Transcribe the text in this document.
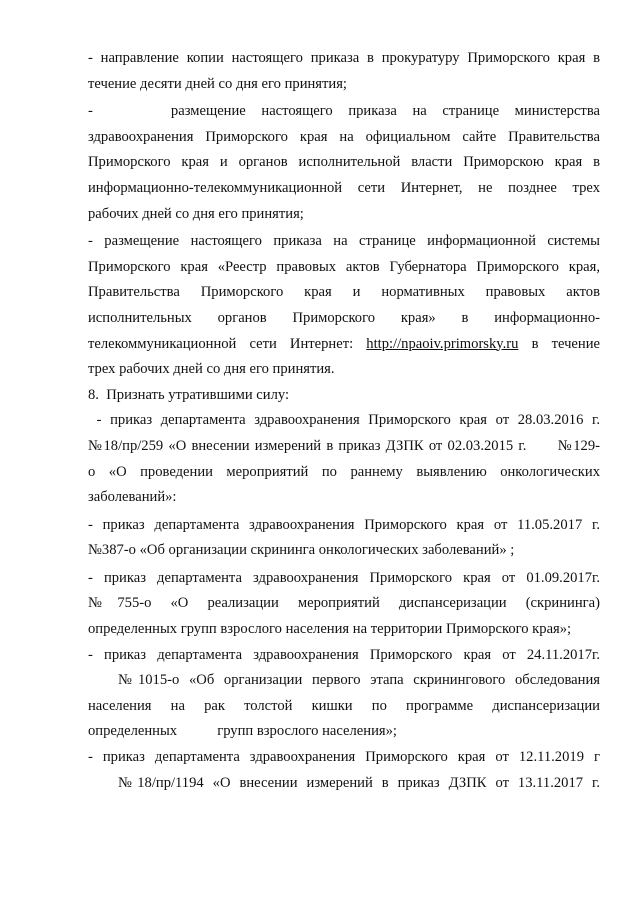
- направление копии настоящего приказа в прокуратуру Приморского края в
течение десяти дней со дня его принятия;
-     размещение настоящего приказа на странице министерства
здравоохранения Приморского края на официальном сайте Правительства
Приморского края и органов исполнительной власти Приморскою края в
информационно-телекоммуникационной сети Интернет, не позднее трех
рабочих дней со дня его принятия;
- размещение настоящего приказа на странице информационной системы
Приморского края «Реестр правовых актов Губернатора Приморского края,
Правительства Приморского края и нормативных правовых актов
исполнительных органов Приморского края» в информационно-
телекоммуникационной сети Интернет: http://npaoiv.primorsky.ru в течение
трех рабочих дней со дня его принятия.
8.  Признать утратившими силу:
- приказ департамента здравоохранения Приморского края от 28.03.2016 г.
№18/пр/259 «О внесении измерений в приказ ДЗПК от 02.03.2015 г.      №129-
о «О проведении мероприятий по раннему выявлению онкологических
заболеваний»:
- приказ департамента здравоохранения Приморского края от 11.05.2017 г.
№387-о «Об организации скрининга онкологических заболеваний» ;
- приказ департамента здравоохранения Приморского края от 01.09.2017г.
№755-о «О реализации мероприятий диспансеризации (скрининга)
определенных групп взрослого населения на территории Приморского края»;
- приказ департамента здравоохранения Приморского края от 24.11.2017г.
№1015-о «Об организации первого этапа скринингового обследования
населения на рак толстой кишки по программе диспансеризации
определенных           групп взрослого населения»;
- приказ департамента здравоохранения Приморского края от 12.11.2019 г
№18/пр/1194 «О внесении измерений в приказ ДЗПК от 13.11.2017 г.
